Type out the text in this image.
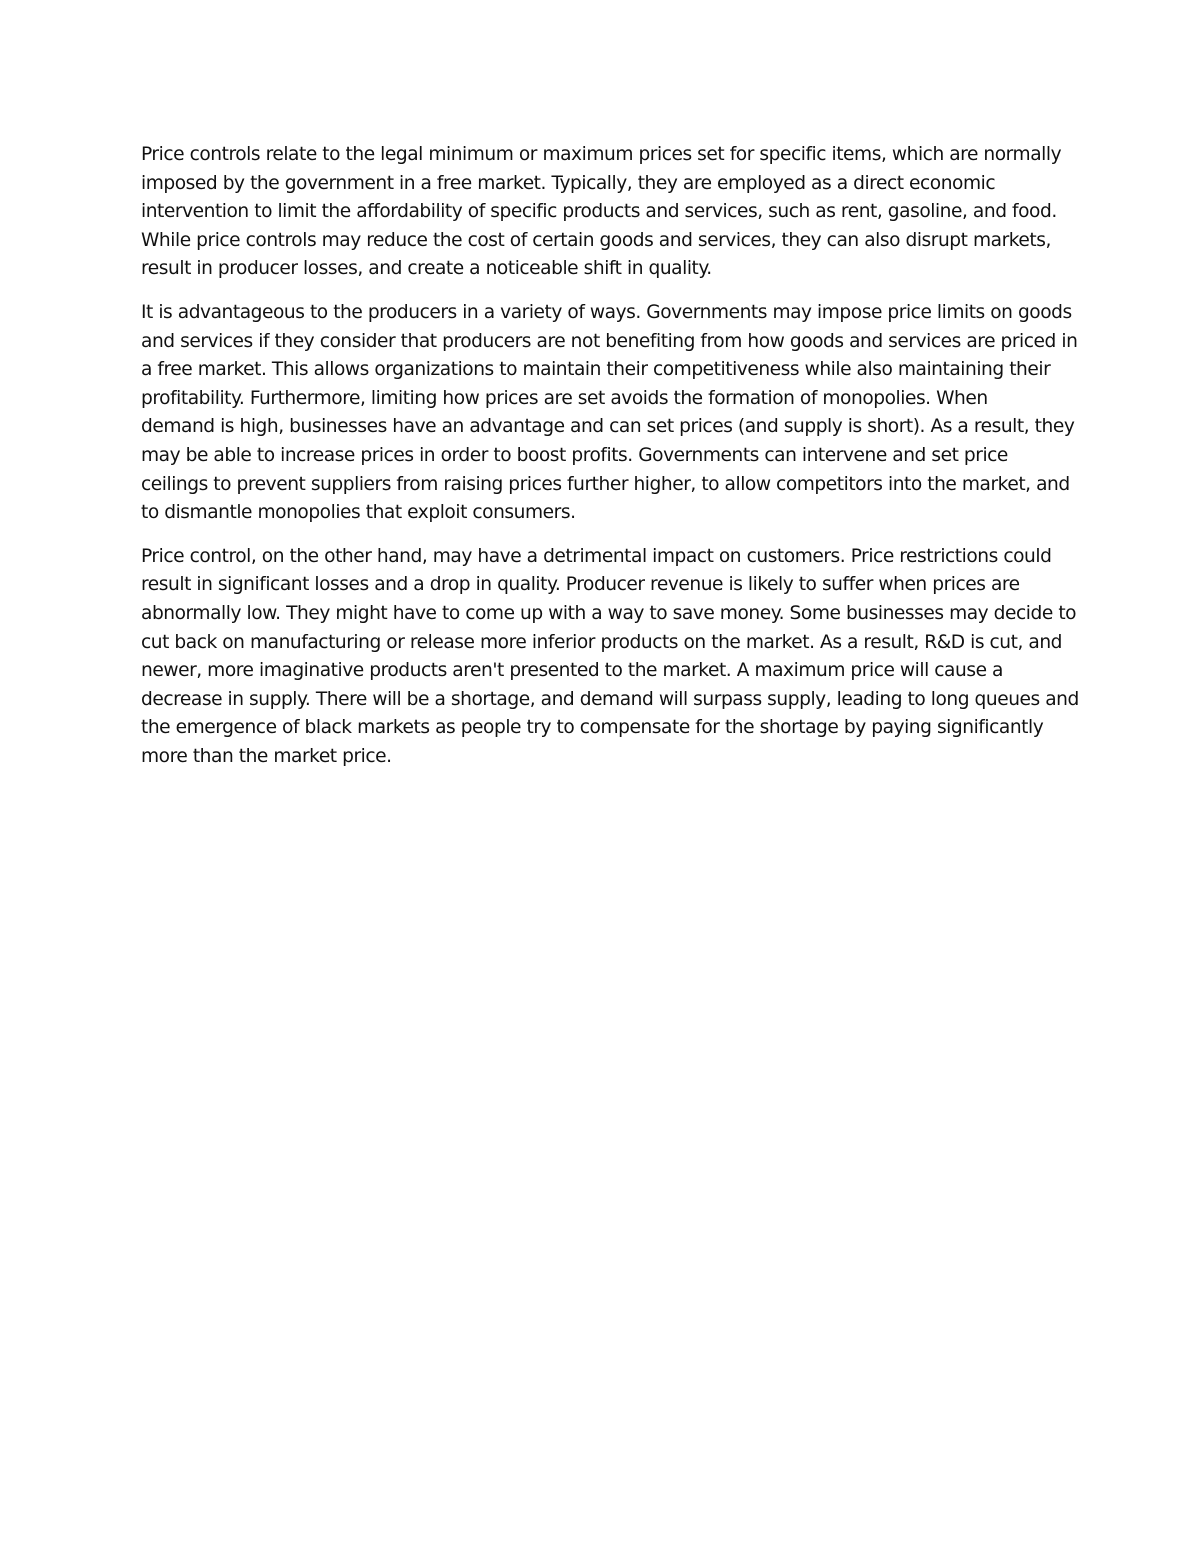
Price controls relate to the legal minimum or maximum prices set for specific items, which are normally
imposed by the government in a free market. Typically, they are employed as a direct economic
intervention to limit the affordability of specific products and services, such as rent, gasoline, and food.
While price controls may reduce the cost of certain goods and services, they can also disrupt markets,
result in producer losses, and create a noticeable shift in quality.

It is advantageous to the producers in a variety of ways. Governments may impose price limits on goods
and services if they consider that producers are not benefiting from how goods and services are priced in
a free market. This allows organizations to maintain their competitiveness while also maintaining their
profitability. Furthermore, limiting how prices are set avoids the formation of monopolies. When
demand is high, businesses have an advantage and can set prices (and supply is short). As a result, they
may be able to increase prices in order to boost profits. Governments can intervene and set price
ceilings to prevent suppliers from raising prices further higher, to allow competitors into the market, and
to dismantle monopolies that exploit consumers.

Price control, on the other hand, may have a detrimental impact on customers. Price restrictions could
result in significant losses and a drop in quality. Producer revenue is likely to suffer when prices are
abnormally low. They might have to come up with a way to save money. Some businesses may decide to
cut back on manufacturing or release more inferior products on the market. As a result, R&D is cut, and
newer, more imaginative products aren't presented to the market. A maximum price will cause a
decrease in supply. There will be a shortage, and demand will surpass supply, leading to long queues and
the emergence of black markets as people try to compensate for the shortage by paying significantly
more than the market price.
